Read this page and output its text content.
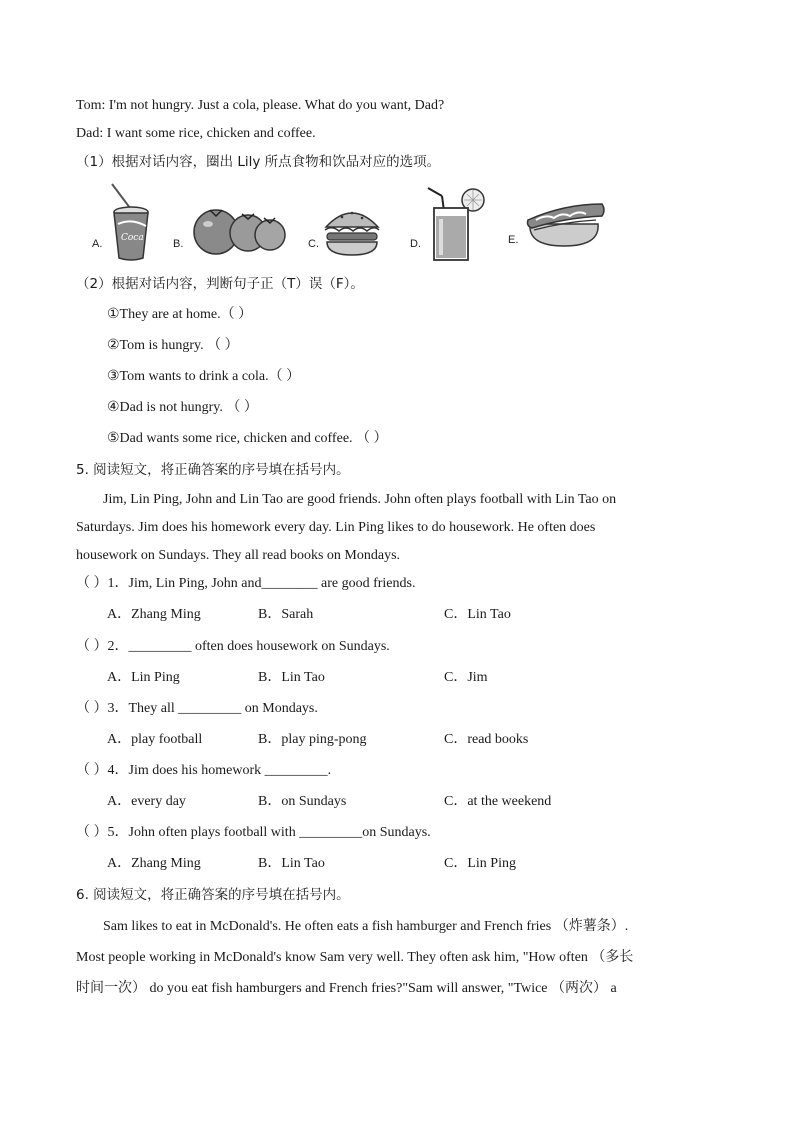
Tom: I'm not hungry. Just a cola, please. What do you want, Dad?
Dad: I want some rice, chicken and coffee.
（1）根据对话内容，圈出 Lily 所点食物和饮品对应的选项。
A. Coca	B.	C.	D.	E.
（2）根据对话内容，判断句子正（T）误（F）。
①They are at home.（ ）
②Tom is hungry. （ ）
③Tom wants to drink a cola.（ ）
④Dad is not hungry. （ ）
⑤Dad wants some rice, chicken and coffee. （ ）
5. 阅读短文，将正确答案的序号填在括号内。
Jim, Lin Ping, John and Lin Tao are good friends. John often plays football with Lin Tao on
Saturdays. Jim does his homework every day. Lin Ping likes to do housework. He often does
housework on Sundays. They all read books on Mondays.
（ ）1．Jim, Lin Ping, John and________ are good friends.
A．Zhang Ming	B．Sarah	C．Lin Tao
（ ）2．_________ often does housework on Sundays.
A．Lin Ping	B．Lin Tao	C．Jim
（ ）3．They all _________ on Mondays.
A．play football	B．play ping-pong	C．read books
（ ）4．Jim does his homework _________.
A．every day	B．on Sundays	C．at the weekend
（ ）5．John often plays football with _________on Sundays.
A．Zhang Ming	B．Lin Tao	C．Lin Ping
6. 阅读短文，将正确答案的序号填在括号内。
Sam likes to eat in McDonald's. He often eats a fish hamburger and French fries （炸薯条）.
Most people working in McDonald's know Sam very well. They often ask him, "How often （多长
时间一次） do you eat fish hamburgers and French fries?"Sam will answer, "Twice （两次） a
